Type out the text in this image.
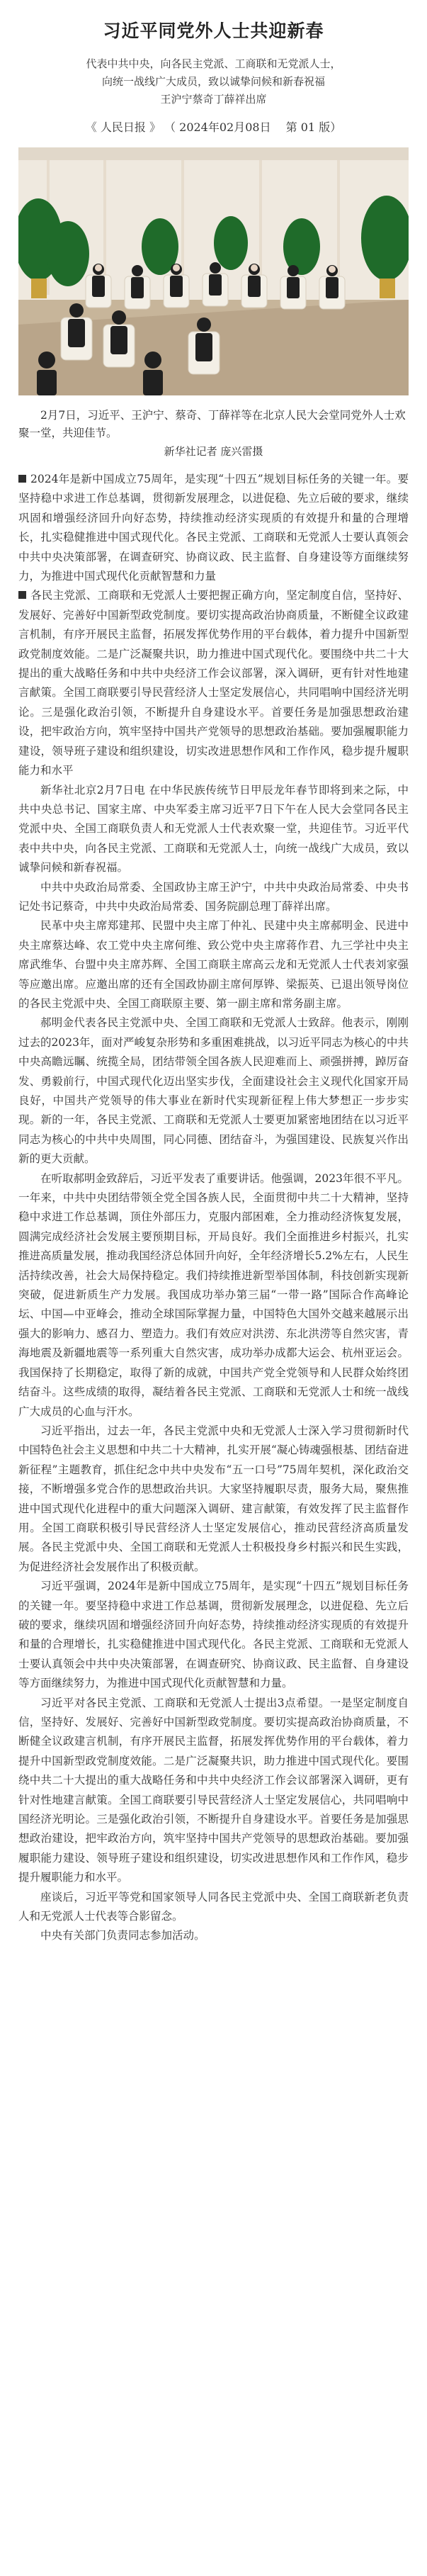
习近平同党外人士共迎新春
代表中共中央，向各民主党派、工商联和无党派人士，
向统一战线广大成员，致以诚挚问候和新春祝福
王沪宁蔡奇丁薛祥出席
《 人民日报 》 （ 2024年02月08日 　第 01 版）
2月7日，习近平、王沪宁、蔡奇、丁薛祥等在北京人民大会堂同党外人士欢聚一堂，共迎佳节。
新华社记者 庞兴雷摄

2024年是新中国成立75周年，是实现“十四五”规划目标任务的关键一年。要坚持稳中求进工作总基调，贯彻新发展理念，以进促稳、先立后破的要求，继续巩固和增强经济回升向好态势，持续推动经济实现质的有效提升和量的合理增长，扎实稳健推进中国式现代化。各民主党派、工商联和无党派人士要认真领会中共中央决策部署，在调查研究、协商议政、民主监督、自身建设等方面继续努力，为推进中国式现代化贡献智慧和力量

各民主党派、工商联和无党派人士要把握正确方向，坚定制度自信，坚持好、发展好、完善好中国新型政党制度。要切实提高政治协商质量，不断健全议政建言机制，有序开展民主监督，拓展发挥优势作用的平台载体，着力提升中国新型政党制度效能。二是广泛凝聚共识，助力推进中国式现代化。要围绕中共二十大提出的重大战略任务和中共中央经济工作会议部署，深入调研，更有针对性地建言献策。全国工商联要引导民营经济人士坚定发展信心，共同唱响中国经济光明论。三是强化政治引领，不断提升自身建设水平。首要任务是加强思想政治建设，把牢政治方向，筑牢坚持中国共产党领导的思想政治基础。要加强履职能力建设，领导班子建设和组织建设，切实改进思想作风和工作作风，稳步提升履职能力和水平

新华社北京2月7日电 在中华民族传统节日甲辰龙年春节即将到来之际，中共中央总书记、国家主席、中央军委主席习近平7日下午在人民大会堂同各民主党派中央、全国工商联负责人和无党派人士代表欢聚一堂，共迎佳节。习近平代表中共中央，向各民主党派、工商联和无党派人士，向统一战线广大成员，致以诚挚问候和新春祝福。

中共中央政治局常委、全国政协主席王沪宁，中共中央政治局常委、中央书记处书记蔡奇，中共中央政治局常委、国务院副总理丁薛祥出席。

民革中央主席郑建邦、民盟中央主席丁仲礼、民建中央主席郝明金、民进中央主席蔡达峰、农工党中央主席何维、致公党中央主席蒋作君、九三学社中央主席武维华、台盟中央主席苏辉、全国工商联主席高云龙和无党派人士代表刘家强等应邀出席。应邀出席的还有全国政协副主席何厚铧、梁振英、已退出领导岗位的各民主党派中央、全国工商联原主要、第一副主席和常务副主席。

郝明金代表各民主党派中央、全国工商联和无党派人士致辞。他表示，刚刚过去的2023年，面对严峻复杂形势和多重困难挑战，以习近平同志为核心的中共中央高瞻远瞩、统揽全局，团结带领全国各族人民迎难而上、顽强拼搏，踔厉奋发、勇毅前行，中国式现代化迈出坚实步伐，全面建设社会主义现代化国家开局良好，中国共产党领导的伟大事业在新时代实现新征程上伟大梦想正一步步实现。新的一年，各民主党派、工商联和无党派人士要更加紧密地团结在以习近平同志为核心的中共中央周围，同心同德、团结奋斗，为强国建设、民族复兴作出新的更大贡献。

在听取郝明金致辞后，习近平发表了重要讲话。他强调，2023年很不平凡。一年来，中共中央团结带领全党全国各族人民，全面贯彻中共二十大精神，坚持稳中求进工作总基调，顶住外部压力，克服内部困难，全力推动经济恢复发展，圆满完成经济社会发展主要预期目标，开局良好。我们全面推进乡村振兴，扎实推进高质量发展，推动我国经济总体回升向好，全年经济增长5.2%左右，人民生活持续改善，社会大局保持稳定。我们持续推进新型举国体制，科技创新实现新突破，促进新质生产力发展。我国成功举办第三届“一带一路”国际合作高峰论坛、中国—中亚峰会，推动全球国际掌握力量，中国特色大国外交越来越展示出强大的影响力、感召力、塑造力。我们有效应对洪涝、东北洪涝等自然灾害，青海地震及新疆地震等一系列重大自然灾害，成功举办成都大运会、杭州亚运会。我国保持了长期稳定，取得了新的成就，中国共产党全党领导和人民群众始终团结奋斗。这些成绩的取得，凝结着各民主党派、工商联和无党派人士和统一战线广大成员的心血与汗水。

习近平指出，过去一年，各民主党派中央和无党派人士深入学习贯彻新时代中国特色社会主义思想和中共二十大精神，扎实开展“凝心铸魂强根基、团结奋进新征程”主题教育，抓住纪念中共中央发布“五一口号”75周年契机，深化政治交接，不断增强多党合作的思想政治共识。大家坚持履职尽责，服务大局，聚焦推进中国式现代化进程中的重大问题深入调研、建言献策，有效发挥了民主监督作用。全国工商联积极引导民营经济人士坚定发展信心，推动民营经济高质量发展。各民主党派中央、全国工商联和无党派人士积极投身乡村振兴和民生实践，为促进经济社会发展作出了积极贡献。

习近平强调，2024年是新中国成立75周年，是实现“十四五”规划目标任务的关键一年。要坚持稳中求进工作总基调，贯彻新发展理念，以进促稳、先立后破的要求，继续巩固和增强经济回升向好态势，持续推动经济实现质的有效提升和量的合理增长，扎实稳健推进中国式现代化。各民主党派、工商联和无党派人士要认真领会中共中央决策部署，在调查研究、协商议政、民主监督、自身建设等方面继续努力，为推进中国式现代化贡献智慧和力量。

习近平对各民主党派、工商联和无党派人士提出3点希望。一是坚定制度自信，坚持好、发展好、完善好中国新型政党制度。要切实提高政治协商质量，不断健全议政建言机制，有序开展民主监督，拓展发挥优势作用的平台载体，着力提升中国新型政党制度效能。二是广泛凝聚共识，助力推进中国式现代化。要围绕中共二十大提出的重大战略任务和中共中央经济工作会议部署深入调研，更有针对性地建言献策。全国工商联要引导民营经济人士坚定发展信心，共同唱响中国经济光明论。三是强化政治引领，不断提升自身建设水平。首要任务是加强思想政治建设，把牢政治方向，筑牢坚持中国共产党领导的思想政治基础。要加强履职能力建设、领导班子建设和组织建设，切实改进思想作风和工作作风，稳步提升履职能力和水平。

座谈后，习近平等党和国家领导人同各民主党派中央、全国工商联新老负责人和无党派人士代表等合影留念。

中央有关部门负责同志参加活动。
